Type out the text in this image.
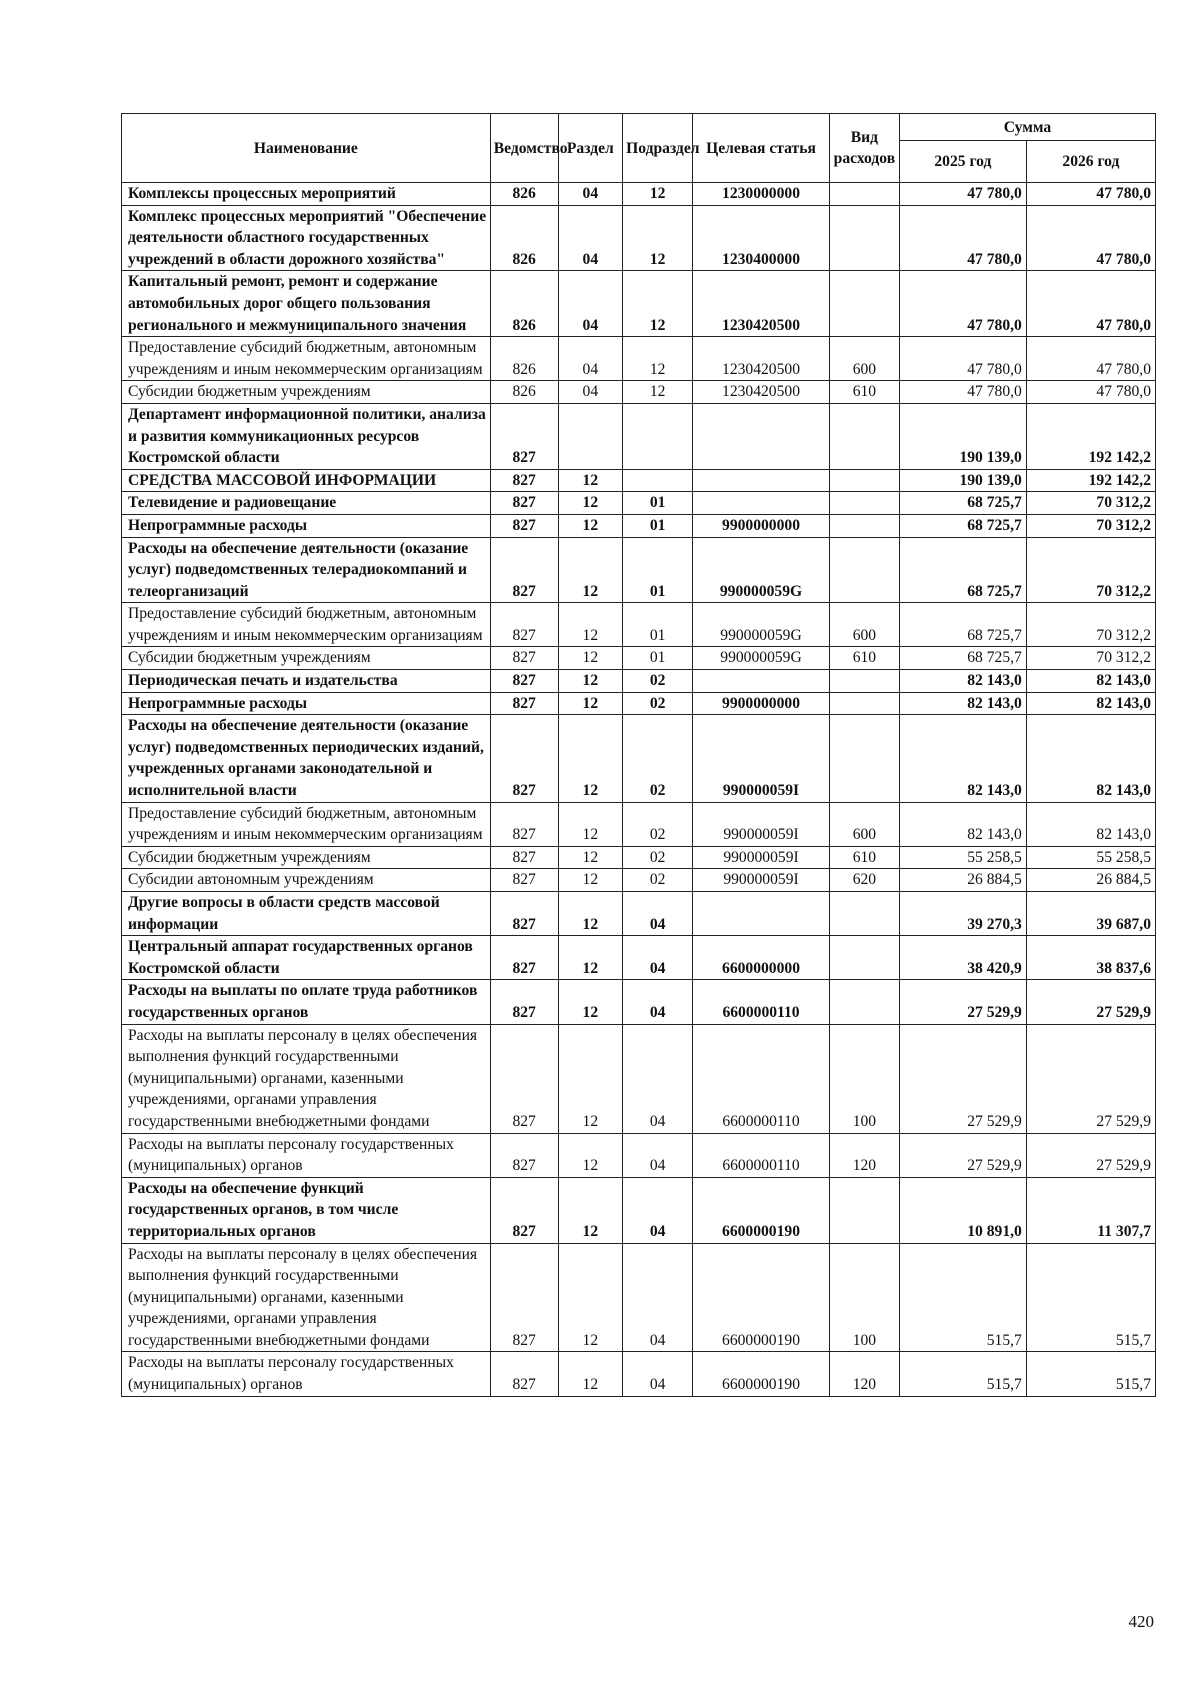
Наименование	Ведомство	Раздел	Подраздел	Целевая статья	Вид расходов	Сумма	
						2025 год	2026 год
Комплексы процессных мероприятий	826	04	12	1230000000		47 780,0	47 780,0
Комплекс процессных мероприятий "Обеспечение деятельности областного государственных учреждений в области дорожного хозяйства"	826	04	12	1230400000		47 780,0	47 780,0
Капитальный ремонт, ремонт и содержание автомобильных дорог общего пользования регионального и межмуниципального значения	826	04	12	1230420500		47 780,0	47 780,0
Предоставление субсидий бюджетным, автономным учреждениям и иным некоммерческим организациям	826	04	12	1230420500	600	47 780,0	47 780,0
Субсидии бюджетным учреждениям	826	04	12	1230420500	610	47 780,0	47 780,0
Департамент информационной политики, анализа и развития коммуникационных ресурсов Костромской области	827					190 139,0	192 142,2
СРЕДСТВА МАССОВОЙ ИНФОРМАЦИИ	827	12				190 139,0	192 142,2
Телевидение и радиовещание	827	12	01			68 725,7	70 312,2
Непрограммные расходы	827	12	01	9900000000		68 725,7	70 312,2
Расходы на обеспечение деятельности (оказание услуг) подведомственных телерадиокомпаний и телеорганизаций	827	12	01	990000059G		68 725,7	70 312,2
Предоставление субсидий бюджетным, автономным учреждениям и иным некоммерческим организациям	827	12	01	990000059G	600	68 725,7	70 312,2
Субсидии бюджетным учреждениям	827	12	01	990000059G	610	68 725,7	70 312,2
Периодическая печать и издательства	827	12	02			82 143,0	82 143,0
Непрограммные расходы	827	12	02	9900000000		82 143,0	82 143,0
Расходы на обеспечение деятельности (оказание услуг) подведомственных периодических изданий, учрежденных органами законодательной и исполнительной власти	827	12	02	990000059I		82 143,0	82 143,0
Предоставление субсидий бюджетным, автономным учреждениям и иным некоммерческим организациям	827	12	02	990000059I	600	82 143,0	82 143,0
Субсидии бюджетным учреждениям	827	12	02	990000059I	610	55 258,5	55 258,5
Субсидии автономным учреждениям	827	12	02	990000059I	620	26 884,5	26 884,5
Другие вопросы в области средств массовой информации	827	12	04			39 270,3	39 687,0
Центральный аппарат государственных органов Костромской области	827	12	04	6600000000		38 420,9	38 837,6
Расходы на выплаты по оплате труда работников государственных органов	827	12	04	6600000110		27 529,9	27 529,9
Расходы на выплаты персоналу в целях обеспечения выполнения функций государственными (муниципальными) органами, казенными учреждениями, органами управления государственными внебюджетными фондами	827	12	04	6600000110	100	27 529,9	27 529,9
Расходы на выплаты персоналу государственных (муниципальных) органов	827	12	04	6600000110	120	27 529,9	27 529,9
Расходы на обеспечение функций государственных органов, в том числе территориальных органов	827	12	04	6600000190		10 891,0	11 307,7
Расходы на выплаты персоналу в целях обеспечения выполнения функций государственными (муниципальными) органами, казенными учреждениями, органами управления государственными внебюджетными фондами	827	12	04	6600000190	100	515,7	515,7
Расходы на выплаты персоналу государственных (муниципальных) органов	827	12	04	6600000190	120	515,7	515,7
420
